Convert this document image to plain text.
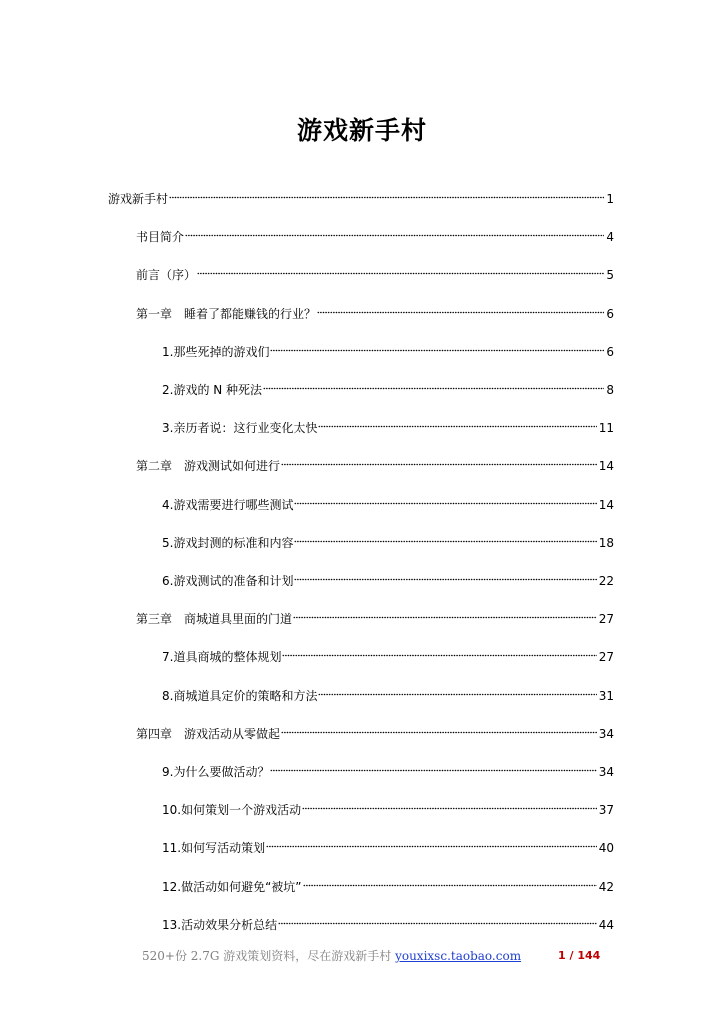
游戏新手村
游戏新手村	1
书目简介	4
前言（序）	5
第一章　睡着了都能赚钱的行业？	6
1.那些死掉的游戏们	6
2.游戏的 N 种死法	8
3.亲历者说：这行业变化太快	11
第二章　游戏测试如何进行	14
4.游戏需要进行哪些测试	14
5.游戏封测的标准和内容	18
6.游戏测试的准备和计划	22
第三章　商城道具里面的门道	27
7.道具商城的整体规划	27
8.商城道具定价的策略和方法	31
第四章　游戏活动从零做起	34
9.为什么要做活动？	34
10.如何策划一个游戏活动	37
11.如何写活动策划	40
12.做活动如何避免“被坑”	42
13.活动效果分析总结	44
520+份 2.7G 游戏策划资料，尽在游戏新手村 youxixsc.taobao.com	1 / 144
